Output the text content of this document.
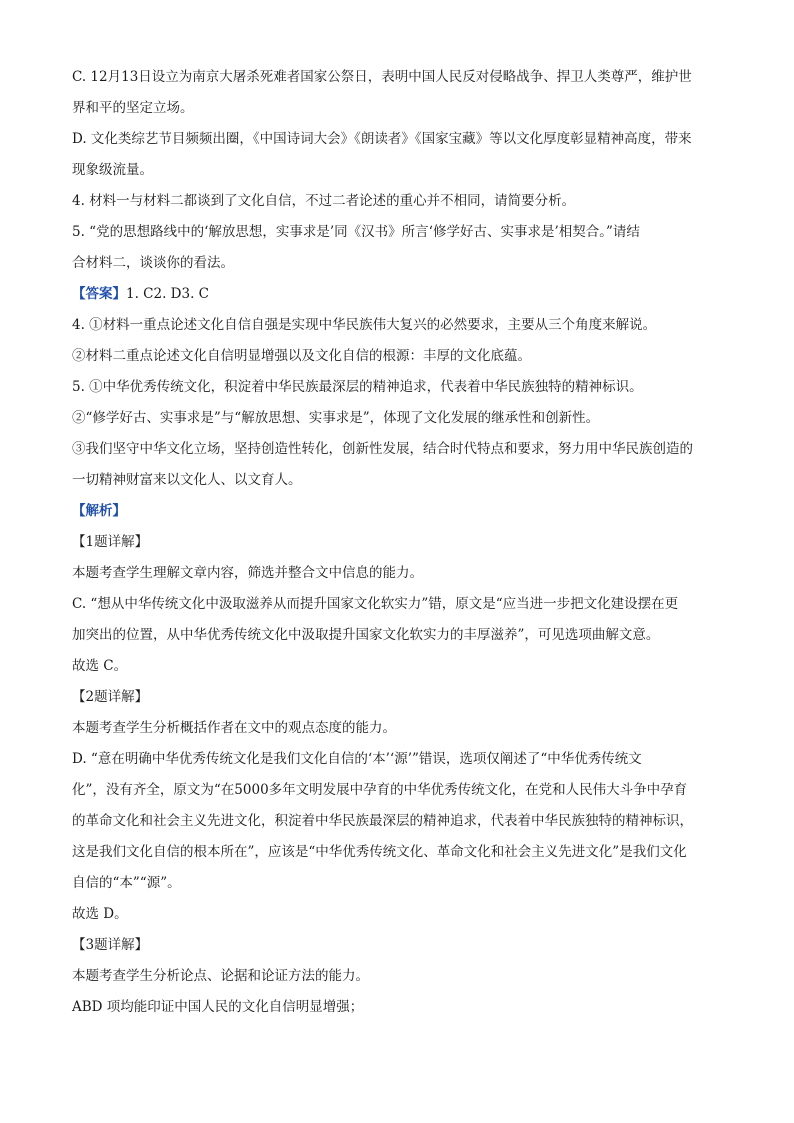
C. 12月13日设立为南京大屠杀死难者国家公祭日，表明中国人民反对侵略战争、捍卫人类尊严，维护世

界和平的坚定立场。

D. 文化类综艺节目频频出圈，《中国诗词大会》《朗读者》《国家宝藏》等以文化厚度彰显精神高度，带来

现象级流量。

4. 材料一与材料二都谈到了文化自信，不过二者论述的重心并不相同，请简要分析。

5. “党的思想路线中的‘解放思想，实事求是’同《汉书》所言‘修学好古、实事求是’相契合。”请结

合材料二，谈谈你的看法。

【答案】1. C2. D3. C

4. ①材料一重点论述文化自信自强是实现中华民族伟大复兴的必然要求，主要从三个角度来解说。

②材料二重点论述文化自信明显增强以及文化自信的根源：丰厚的文化底蕴。

5. ①中华优秀传统文化，积淀着中华民族最深层的精神追求，代表着中华民族独特的精神标识。

②“修学好古、实事求是”与“解放思想、实事求是”，体现了文化发展的继承性和创新性。

③我们坚守中华文化立场，坚持创造性转化，创新性发展，结合时代特点和要求，努力用中华民族创造的

一切精神财富来以文化人、以文育人。

【解析】

【1题详解】

本题考查学生理解文章内容，筛选并整合文中信息的能力。

C. “想从中华传统文化中汲取滋养从而提升国家文化软实力”错，原文是“应当进一步把文化建设摆在更

加突出的位置，从中华优秀传统文化中汲取提升国家文化软实力的丰厚滋养”，可见选项曲解文意。

故选 C。

【2题详解】

本题考查学生分析概括作者在文中的观点态度的能力。

D. “意在明确中华优秀传统文化是我们文化自信的‘本’‘源’”错误，选项仅阐述了“中华优秀传统文

化”，没有齐全，原文为“在5000多年文明发展中孕育的中华优秀传统文化，在党和人民伟大斗争中孕育

的革命文化和社会主义先进文化，积淀着中华民族最深层的精神追求，代表着中华民族独特的精神标识，

这是我们文化自信的根本所在”，应该是“中华优秀传统文化、革命文化和社会主义先进文化”是我们文化

自信的“本”“源”。

故选 D。

【3题详解】

本题考查学生分析论点、论据和论证方法的能力。

ABD 项均能印证中国人民的文化自信明显增强；
